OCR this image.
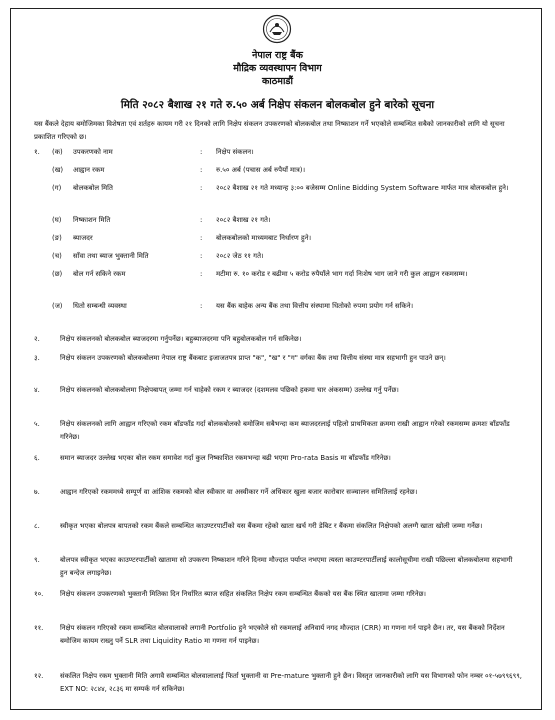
नेपाल राष्ट्र बैंक
मौद्रिक व्यवस्थापन विभाग
काठमाडौं
मिति २०८२ बैशाख २१ गते रु.५० अर्ब निक्षेप संकलन बोलकबोल हुने बारेको सूचना
यस बैंकले देहाय बमोजिमका विशेषता एवं शर्तहरु कायम गरी २१ दिनको लागि निक्षेप संकलन उपकरणको बोलकबोल तथा निष्काशन गर्ने भएकोले सम्बन्धित सबैको जानकारीको लागि यो सूचना प्रकाशित गरिएको छ।
१. (क) उपकरणको नाम	: निक्षेप संकलन।
(ख) आह्वान रकम	: रु.५० अर्ब (पचास अर्ब रुपैयाँ मात्र)।
(ग) बोलकबोल मिति	: २०८२ बैशाख २१ गते मध्यान्ह ३:०० बजेसम्म Online Bidding System Software मार्फत मात्र बोलकबोल हुने।
(घ) निष्काशन मिति	: २०८२ बैशाख २१ गते।
(ङ) ब्याजदर	: बोलकबोलको माध्यमबाट निर्धारण हुने।
(च) साँवा तथा ब्याज भुक्तानी मिति	: २०८२ जेठ ११ गते।
(छ) बोल गर्न सकिने रकम	: मटीमा रु. १० करोड र बढीमा ५ करोड रुपैयाँले भाग गर्दा निःशेष भाग जाने गरी कुल आह्वान रकमसम्म।
(ज) धितो सम्बन्धी व्यवस्था	: यस बैंक बाहेक अन्य बैंक तथा वित्तीय संस्थामा धितोको रुपमा प्रयोग गर्न सकिने।
२.	निक्षेप संकलनको बोलकबोल ब्याजदरमा गर्नुपर्नेछ। बहुब्याजदरमा पनि बहुबोलकबोल गर्न सकिनेछ।
३.	निक्षेप संकलन उपकरणको बोलकबोलमा नेपाल राष्ट्र बैंकबाट इजाजतपत्र प्राप्त "क", "ख" र "ग" वर्गका बैंक तथा वित्तीय संस्था मात्र सहभागी हुन पाउने छन्।
४.	निक्षेप संकलनको बोलकबोलमा निक्षेपबापत् जम्मा गर्न चाहेको रकम र ब्याजदर (दशमलव पछिको हकमा चार अंकसम्म) उल्लेख गर्नु पर्नेछ।
५.	निक्षेप संकलनको लागि आह्वान गरिएको रकम बाँडफाँड गर्दा बोलकबोलको बमोजिम सबैभन्दा कम ब्याजदरलाई पहिलो प्राथमिकता क्रममा राखी आह्वान गरेको रकमसम्म क्रमशः बाँडफाँड गरिनेछ।
६.	समान ब्याजदर उल्लेख भएका बोल रकम समावेश गर्दा कुल निष्काशित रकमभन्दा बढी भएमा Pro-rata Basis मा बाँडफाँड गरिनेछ।
७.	आह्वान गरिएको रकममध्ये सम्पूर्ण वा आंशिक रकमको बोल स्वीकार वा अस्वीकार गर्ने अधिकार खुला बजार कारोबार सञ्चालन समितिलाई रहनेछ।
८.	स्वीकृत भएका बोलपत्र बापतको रकम बैंकले सम्बन्धित काउण्टरपार्टीको यस बैंकमा रहेको खाता खर्च गरी डेबिट र बैंकमा संकलित निक्षेपको अलग्गै खाता खोली जम्मा गर्नेछ।
९.	बोलपत्र स्वीकृत भएका काउण्टरपार्टीको खातामा सो उपकरण निष्काशन गरिने दिनमा मौज्दात पर्याप्त नभएमा त्यस्ता काउण्टरपार्टीलाई कालोसूचीमा राखी पछिल्ला बोलकबोलमा सहभागी हुन बन्देज लगाइनेछ।
१०. निक्षेप संकलन उपकरणको भुक्तानी मितिका दिन निर्धारित ब्याज सहित संकलित निक्षेप रकम सम्बन्धित बैंकको यस बैंक स्थित खातामा जम्मा गरिनेछ।
११. निक्षेप संकलन गरिएको रकम सम्बन्धित बोलवालाको लगानी Portfolio हुने भएकोले सो रकमलाई अनिवार्य नगद मौज्दात (CRR) मा गणना गर्न पाइने छैन। तर, यस बैंकको निर्देशन बमोजिम कायम राख्नु पर्ने SLR तथा Liquidity Ratio मा गणना गर्न पाइनेछ।
१२. संकलित निक्षेप रकम भुक्तानी मिति अगावै सम्बन्धित बोलवालालाई फिर्ता भुक्तानी वा Pre-mature भुक्तानी हुने छैन। विस्तृत जानकारीको लागि यस विभागको फोन नम्बर ०१-५७९९६९९, EXT NO: २८४४, २८३६ मा सम्पर्क गर्न सकिनेछ।
